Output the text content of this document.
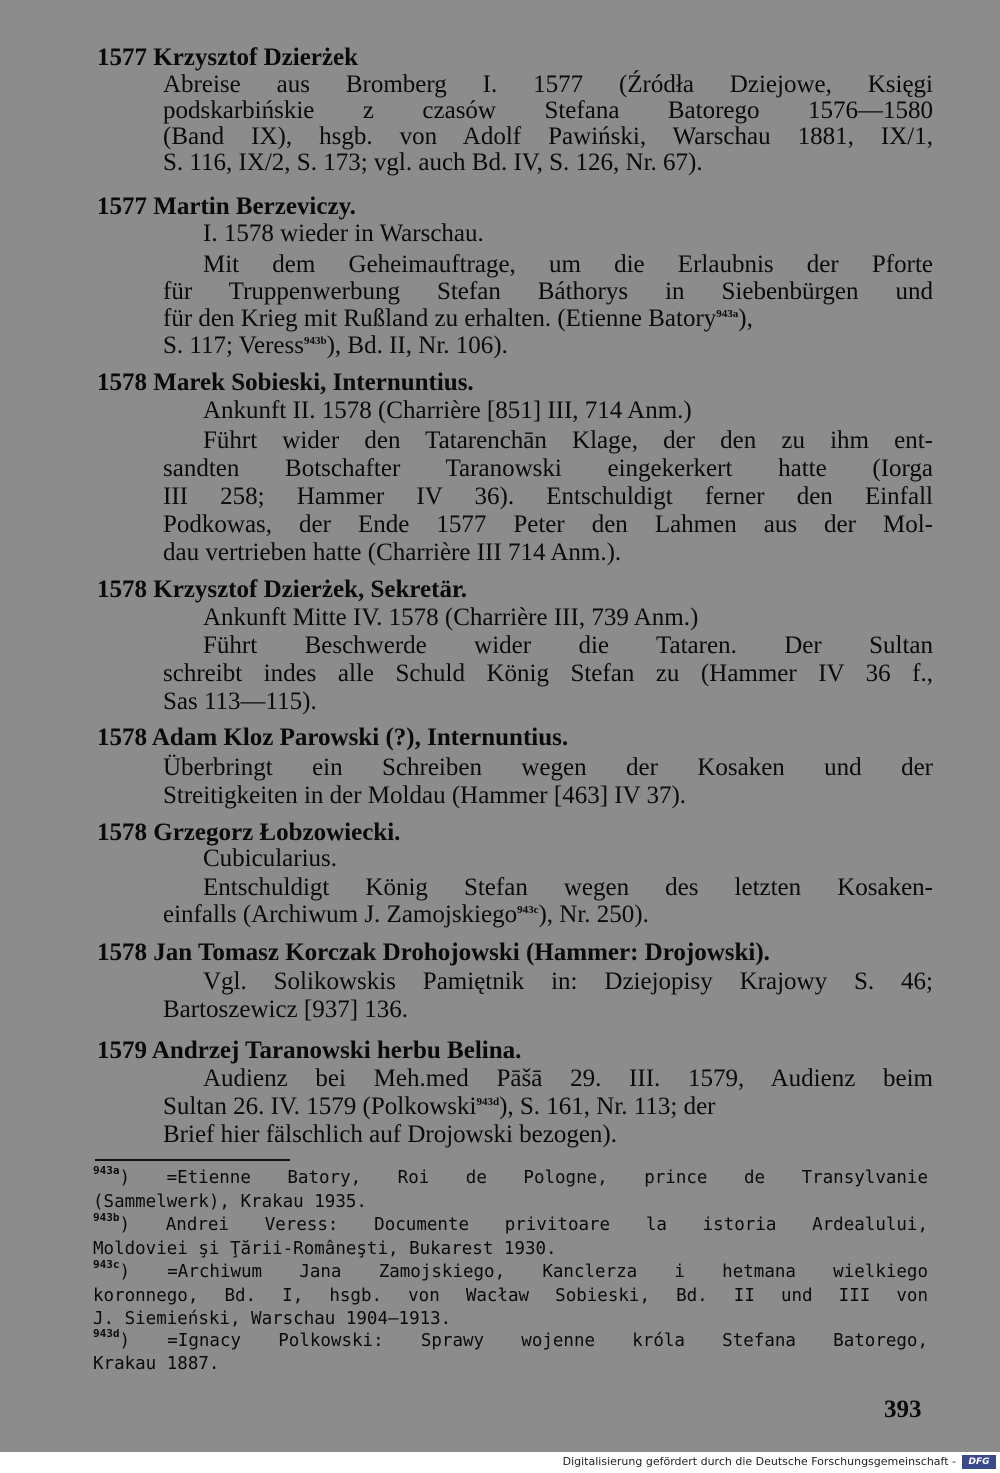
1577 Krzysztof Dzierżek
Abreise aus Bromberg I. 1577 (Źródła Dziejowe, Księgi
podskarbińskie z czasów Stefana Batorego 1576—1580
(Band IX), hsgb. von Adolf Pawiński, Warschau 1881, IX/1,
S. 116, IX/2, S. 173; vgl. auch Bd. IV, S. 126, Nr. 67).
1577 Martin Berzeviczy.
I. 1578 wieder in Warschau.
Mit dem Geheimauftrage, um die Erlaubnis der Pforte
für Truppenwerbung Stefan Báthorys in Siebenbürgen und
für den Krieg mit Rußland zu erhalten. (Etienne Batory$^{943a}$),
S. 117; Veress$^{943b}$), Bd. II, Nr. 106).
1578 Marek Sobieski, Internuntius.
Ankunft II. 1578 (Charrière [851] III, 714 Anm.)
Führt wider den Tatarenchān Klage, der den zu ihm ent-
sandten Botschafter Taranowski eingekerkert hatte (Iorga
III 258; Hammer IV 36). Entschuldigt ferner den Einfall
Podkowas, der Ende 1577 Peter den Lahmen aus der Mol-
dau vertrieben hatte (Charrière III 714 Anm.).
1578 Krzysztof Dzierżek, Sekretär.
Ankunft Mitte IV. 1578 (Charrière III, 739 Anm.)
Führt Beschwerde wider die Tataren. Der Sultan
schreibt indes alle Schuld König Stefan zu (Hammer IV 36 f.,
Sas 113—115).
1578 Adam Kloz Parowski (?), Internuntius.
Überbringt ein Schreiben wegen der Kosaken und der
Streitigkeiten in der Moldau (Hammer [463] IV 37).
1578 Grzegorz Łobzowiecki.
Cubicularius.
Entschuldigt König Stefan wegen des letzten Kosaken-
einfalls (Archiwum J. Zamojskiego$^{943c}$), Nr. 250).
1578 Jan Tomasz Korczak Drohojowski (Hammer: Drojowski).
Vgl. Solikowskis Pamiętnik in: Dziejopisy Krajowy S. 46;
Bartoszewicz [937] 136.
1579 Andrzej Taranowski herbu Belina.
Audienz bei Meh.med Pāšā 29. III. 1579, Audienz beim
Sultan 26. IV. 1579 (Polkowski$^{943d}$), S. 161, Nr. 113; der
Brief hier fälschlich auf Drojowski bezogen).
$^{943a}$) =Etienne Batory, Roi de Pologne, prince de Transylvanie
(Sammelwerk), Krakau 1935.
$^{943b}$) Andrei Veress: Documente privitoare la istoria Ardealului,
Moldoviei şi Ţării-Româneşti, Bukarest 1930.
$^{943c}$) =Archiwum Jana Zamojskiego, Kanclerza i hetmana wielkiego
koronnego, Bd. I, hsgb. von Wacław Sobieski, Bd. II und III von
J. Siemieński, Warschau 1904—1913.
$^{943d}$) =Ignacy Polkowski: Sprawy wojenne króla Stefana Batorego,
Krakau 1887.
393
Digitalisierung gefördert durch die Deutsche Forschungsgemeinschaft -	DFG
